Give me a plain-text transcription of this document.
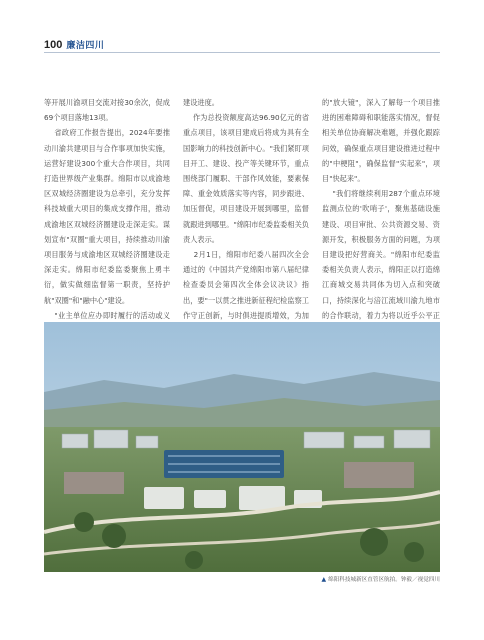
100 廉洁四川
等开展川渝项目交流对接30余次，促成69个项目落地13项。
省政府工作报告提出，2024年要推动川渝共建项目与合作事项加快实施，运营好建设300个重大合作项目，共同打造世界级产业集群。绵阳市以成渝地区双城经济圈建设为总牵引，充分发挥科技城重大项目的集成支撑作用，推动成渝地区双城经济圈建设走深走实。谋划宣布"双圈"重大项目，持续推动川渝项目服务与成渝地区双城经济圈建设走深走实。绵阳市纪委监委聚焦上勇丰衍，做实做细监督第一职责，坚持护航"双圈"和"融中心"建设。
"业主单位应办即时履行的活动或义
建设进度。
作为总投资额度高达96.90亿元的省重点项目，该项目建成后将成为具有全国影响力的科技创新中心。"我们紧盯项目开工、建设、投产等关键环节，重点围绕部门履职、干部作风效能，要素保障、重金效质落实等内容，同步跟进、加压督促，项目建设开展到哪里，监督就跟进到哪里。"绵阳市纪委监委相关负责人表示。
2月1日，绵阳市纪委八届四次全会通过的《中国共产党绵阳市第八届纪律检查委员会第四次全体会议决议》指出，要"一以贯之推进新征程纪检监察工作守正创新，与时俱进提质增效，为加

的"放大镜"，深入了解每一个项目推进的困难障碍和职能落实情况，督促相关单位协商解决难题，并强化跟踪问效，确保重点项目建设推进过程中的"中梗阻"，确保监督"实起来"，项目"快起来"。
"我们将继续利用287个重点环境监测点位的'吹哨子'，聚焦基础设施建设、项目审批、公共资源交易、资源开发，积极服务方面的问题，为项目建设把好营商关。"绵阳市纪委监委相关负责人表示，绵阳正以打造绵江商城交易共同体为切入点和突破口，持续深化与涪江流域川渝九地市的合作联动，着力为将以近乎公平正
▲ 绵阳科技城新区直管区航拍。钟毅／视觉四川
